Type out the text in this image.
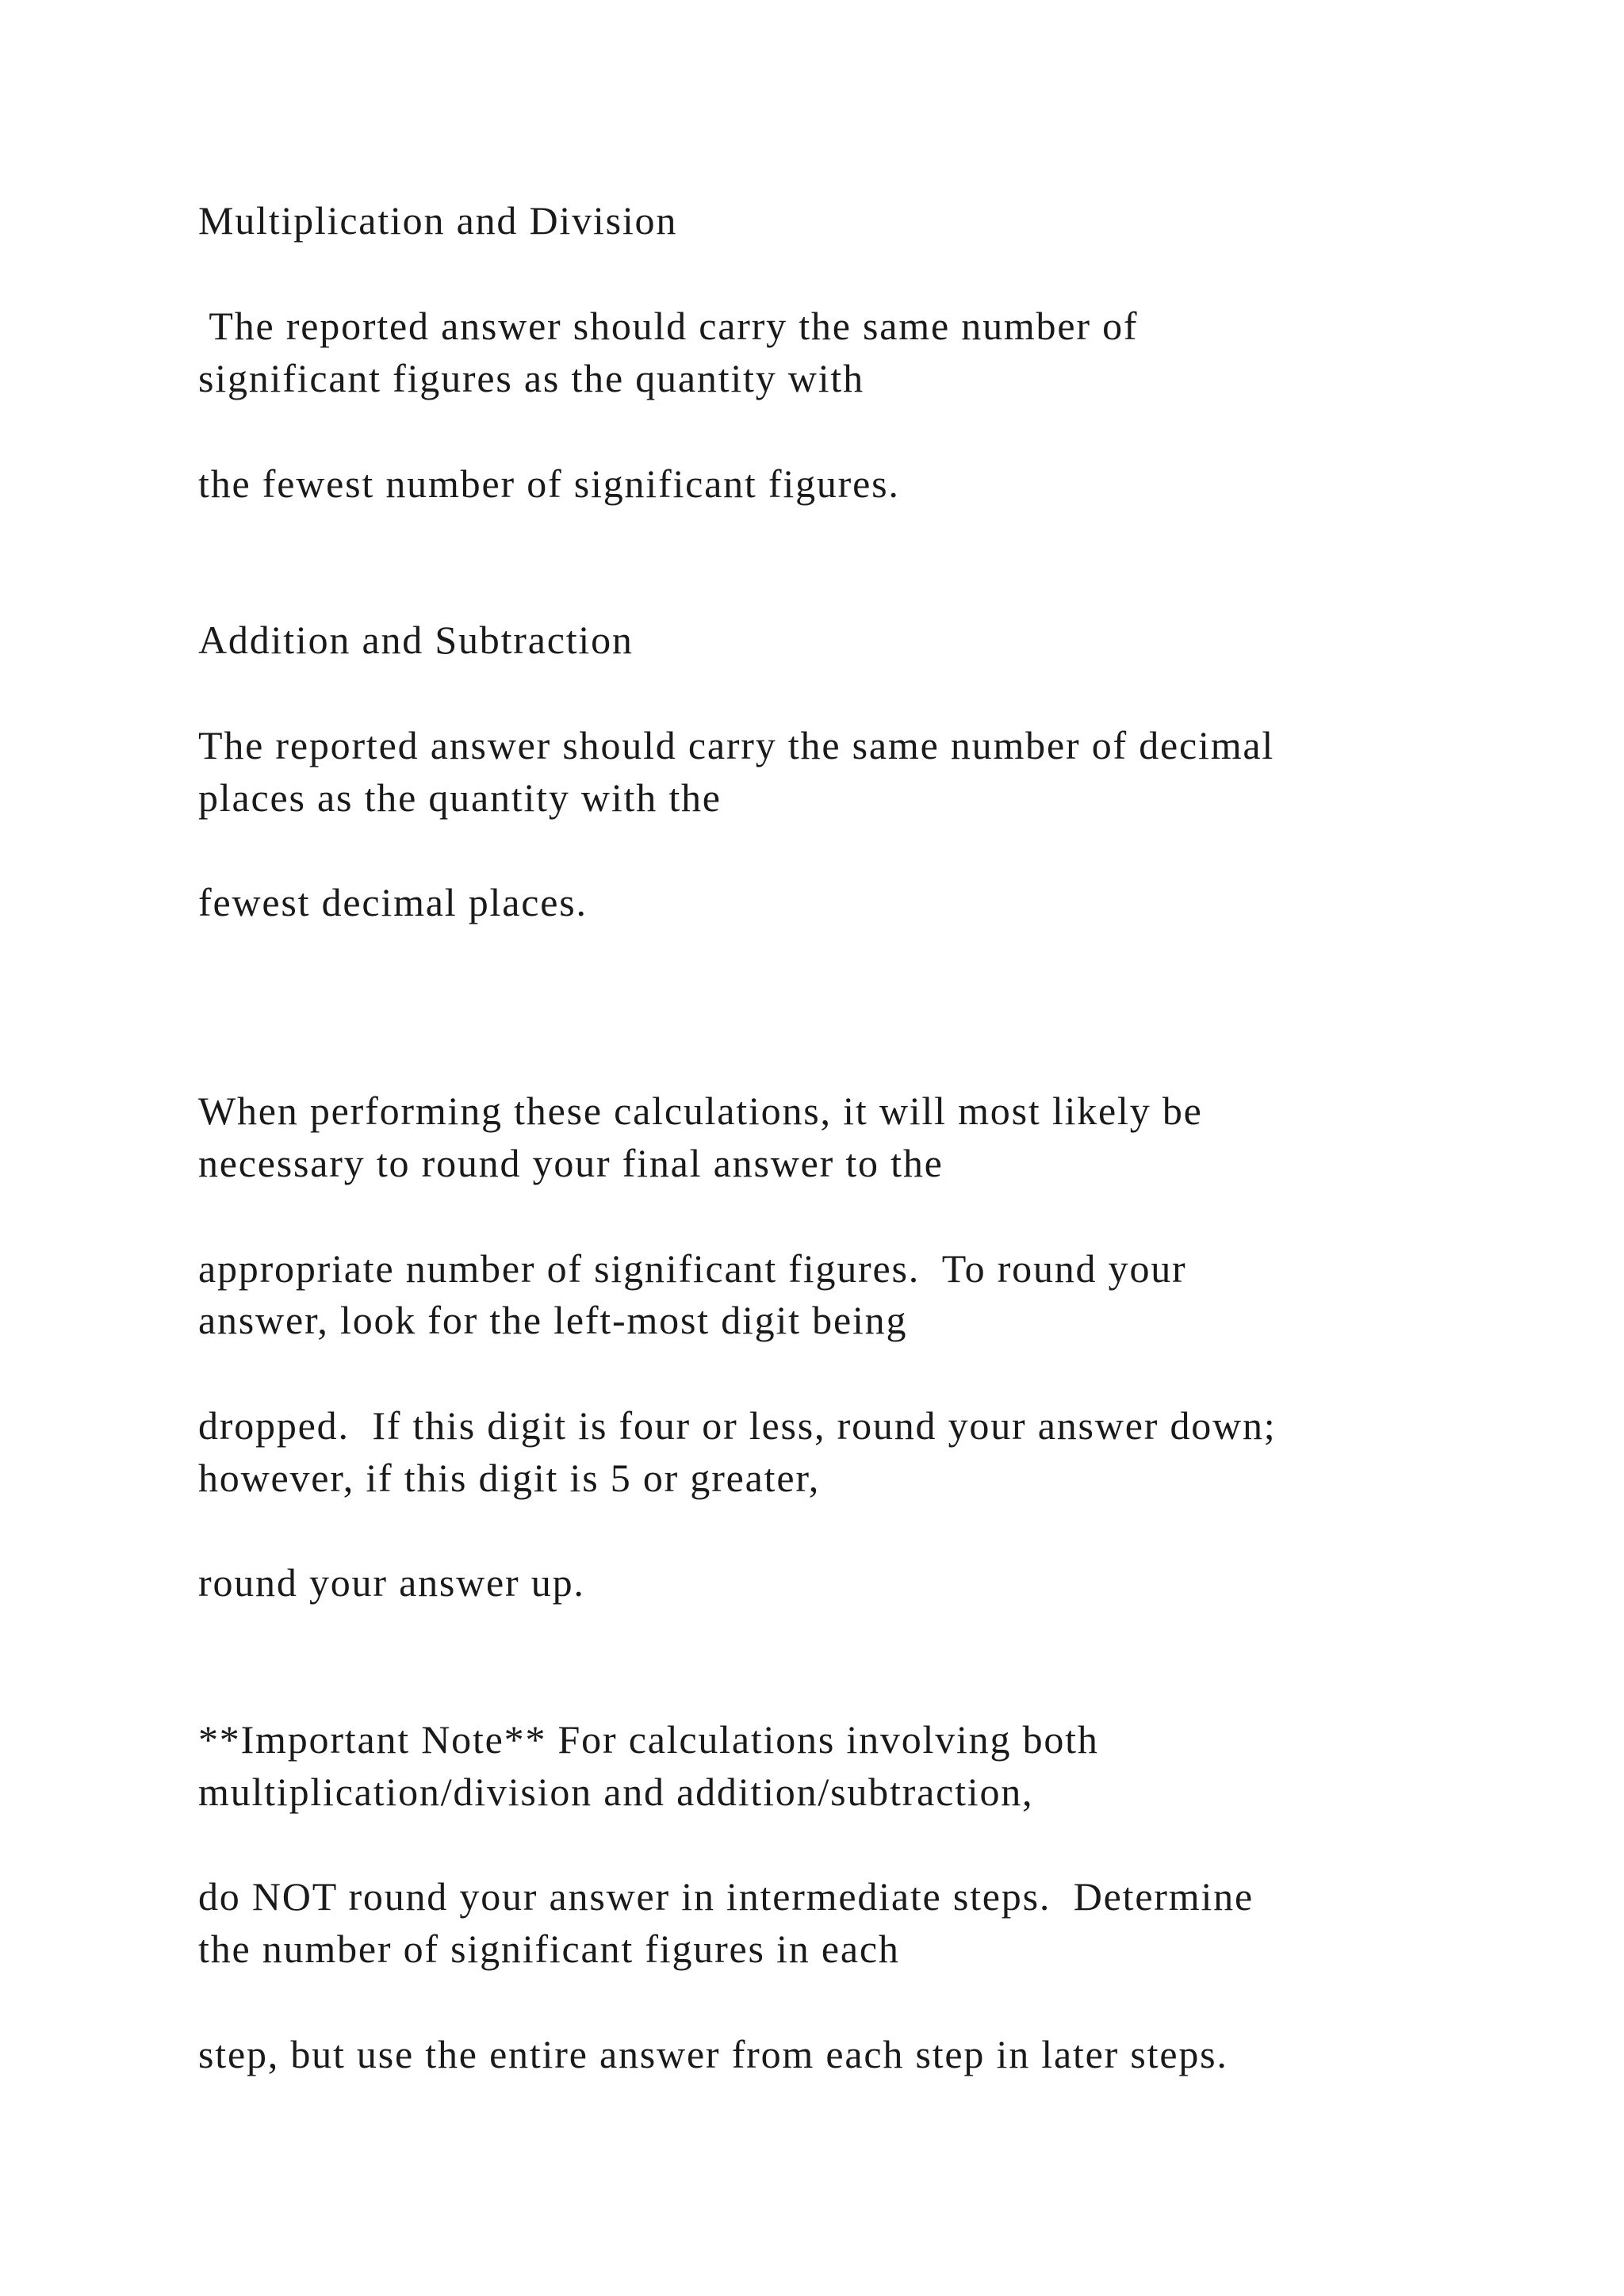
Multiplication and Division
The reported answer should carry the same number of
significant figures as the quantity with
the fewest number of significant figures.
Addition and Subtraction
The reported answer should carry the same number of decimal
places as the quantity with the
fewest decimal places.
When performing these calculations, it will most likely be
necessary to round your final answer to the
appropriate number of significant figures.  To round your
answer, look for the left-most digit being
dropped.  If this digit is four or less, round your answer down;
however, if this digit is 5 or greater,
round your answer up.
**Important Note** For calculations involving both
multiplication/division and addition/subtraction,
do NOT round your answer in intermediate steps.  Determine
the number of significant figures in each
step, but use the entire answer from each step in later steps.
